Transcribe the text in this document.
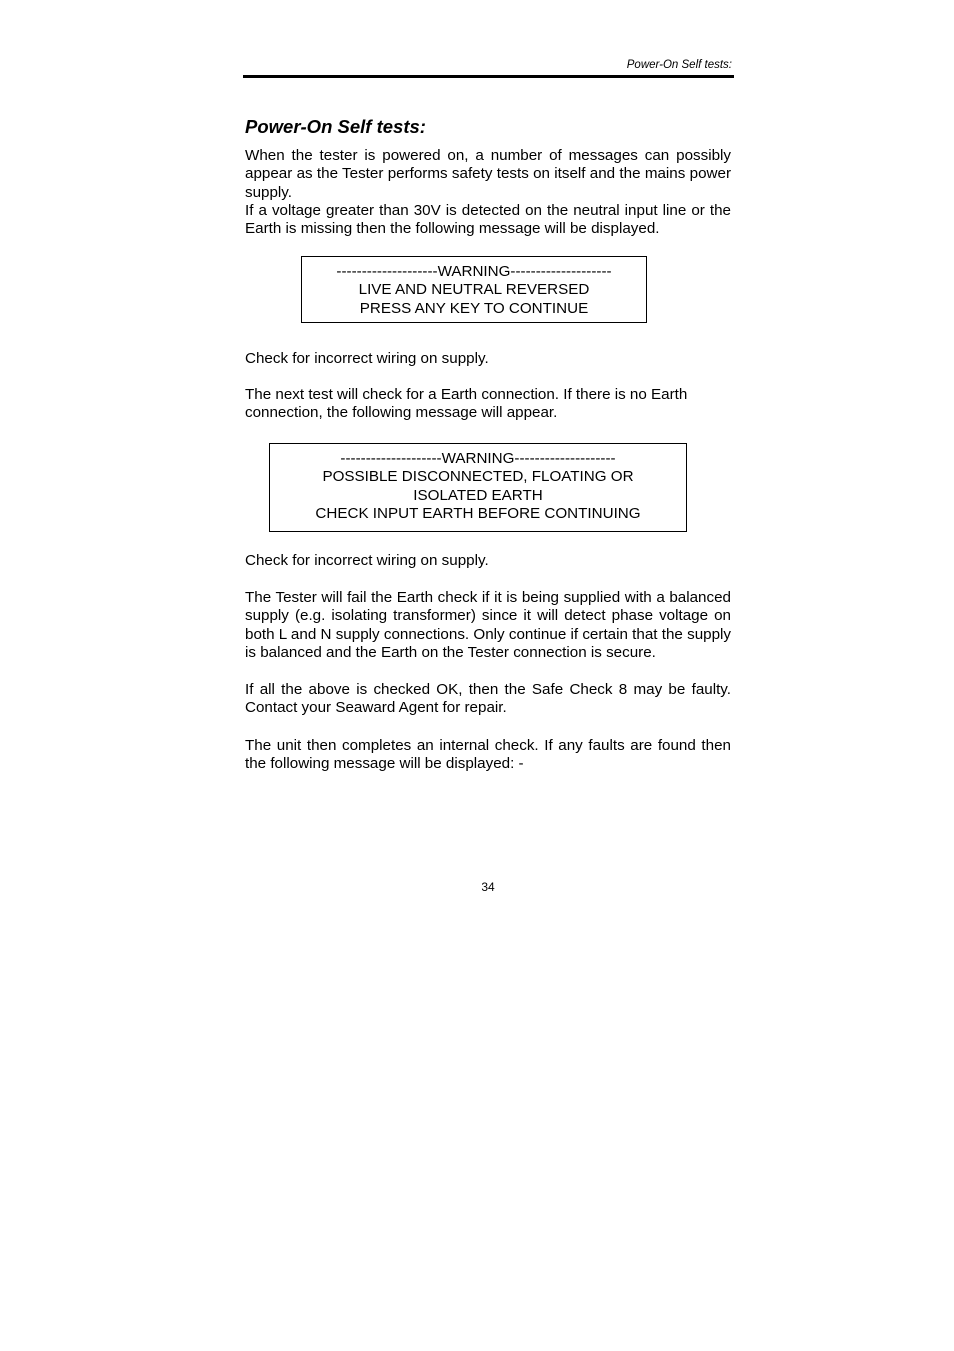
Power-On Self tests:
Power-On Self tests:

When the tester is powered on, a number of messages can possibly appear as the Tester performs safety tests on itself and the mains power supply.

If a voltage greater than 30V is detected on the neutral input line or the Earth is missing then the following message will be displayed.

--------------------WARNING--------------------
LIVE AND NEUTRAL REVERSED
PRESS ANY KEY TO CONTINUE

Check for incorrect wiring on supply.

The next test will check for a Earth connection. If there is no Earth connection, the following message will appear.

--------------------WARNING--------------------
POSSIBLE DISCONNECTED, FLOATING OR
ISOLATED EARTH
CHECK INPUT EARTH BEFORE CONTINUING

Check for incorrect wiring on supply.

The Tester will fail the Earth check if it is being supplied with a balanced supply (e.g. isolating transformer) since it will detect phase voltage on both L and N supply connections. Only continue if certain that the supply is balanced and the Earth on the Tester connection is secure.

If all the above is checked OK, then the Safe Check 8 may be faulty. Contact your Seaward Agent for repair.

The unit then completes an internal check. If any faults are found then the following message will be displayed: -

34
